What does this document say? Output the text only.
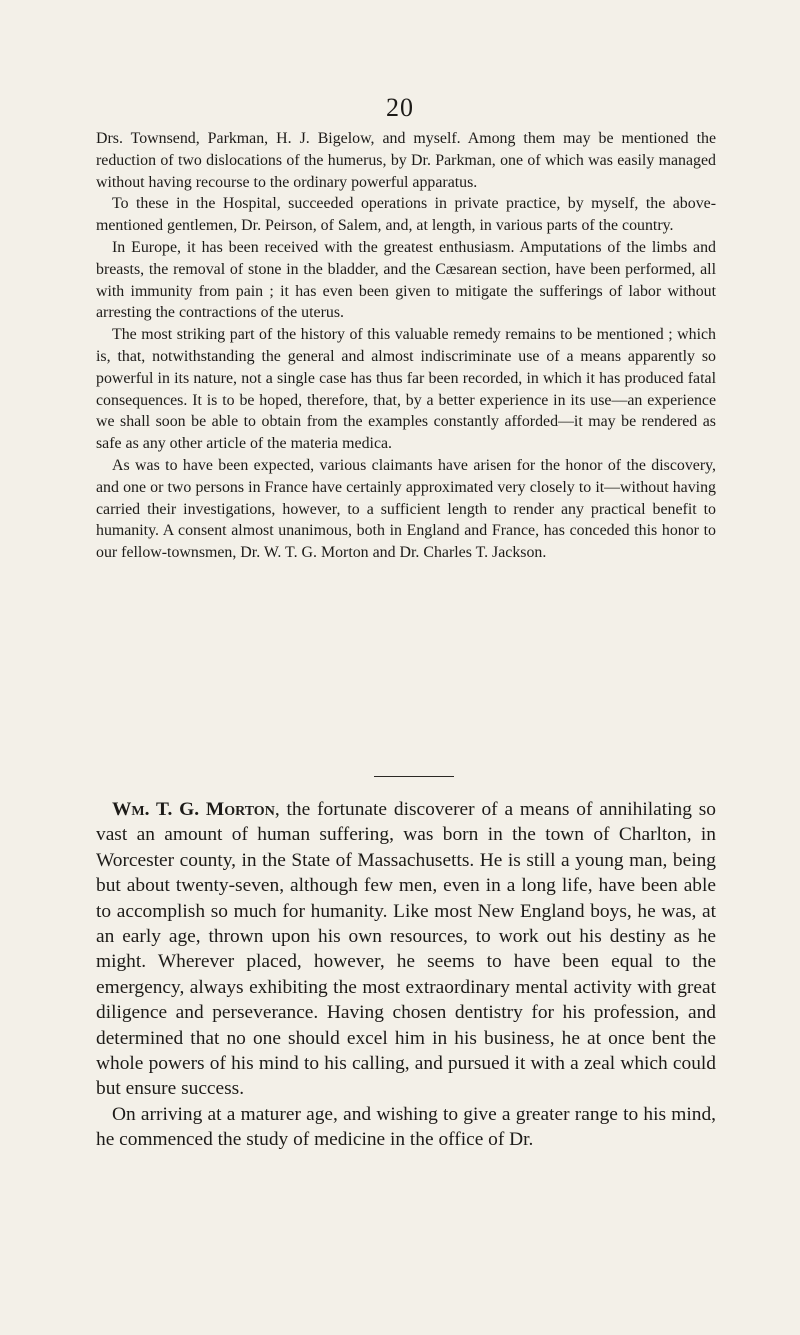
20

Drs. Townsend, Parkman, H. J. Bigelow, and myself. Among them may be mentioned the reduction of two dislocations of the humerus, by Dr. Parkman, one of which was easily managed without having recourse to the ordinary powerful apparatus.

To these in the Hospital, succeeded operations in private practice, by myself, the above-mentioned gentlemen, Dr. Peirson, of Salem, and, at length, in various parts of the country.

In Europe, it has been received with the greatest enthusiasm. Amputations of the limbs and breasts, the removal of stone in the bladder, and the Cæsarean section, have been performed, all with immunity from pain ; it has even been given to mitigate the sufferings of labor without arresting the contractions of the uterus.

The most striking part of the history of this valuable remedy remains to be mentioned ; which is, that, notwithstanding the general and almost indiscriminate use of a means apparently so powerful in its nature, not a single case has thus far been recorded, in which it has produced fatal consequences. It is to be hoped, therefore, that, by a better experience in its use—an experience we shall soon be able to obtain from the examples constantly afforded—it may be rendered as safe as any other article of the materia medica.

As was to have been expected, various claimants have arisen for the honor of the discovery, and one or two persons in France have certainly approximated very closely to it—without having carried their investigations, however, to a sufficient length to render any practical benefit to humanity. A consent almost unanimous, both in England and France, has conceded this honor to our fellow-townsmen, Dr. W. T. G. Morton and Dr. Charles T. Jackson.

Wm. T. G. Morton, the fortunate discoverer of a means of annihilating so vast an amount of human suffering, was born in the town of Charlton, in Worcester county, in the State of Massachusetts. He is still a young man, being but about twenty-seven, although few men, even in a long life, have been able to accomplish so much for humanity. Like most New England boys, he was, at an early age, thrown upon his own resources, to work out his destiny as he might. Wherever placed, however, he seems to have been equal to the emergency, always exhibiting the most extraordinary mental activity with great diligence and perseverance. Having chosen dentistry for his profession, and determined that no one should excel him in his business, he at once bent the whole powers of his mind to his calling, and pursued it with a zeal which could but ensure success.

On arriving at a maturer age, and wishing to give a greater range to his mind, he commenced the study of medicine in the office of Dr.
